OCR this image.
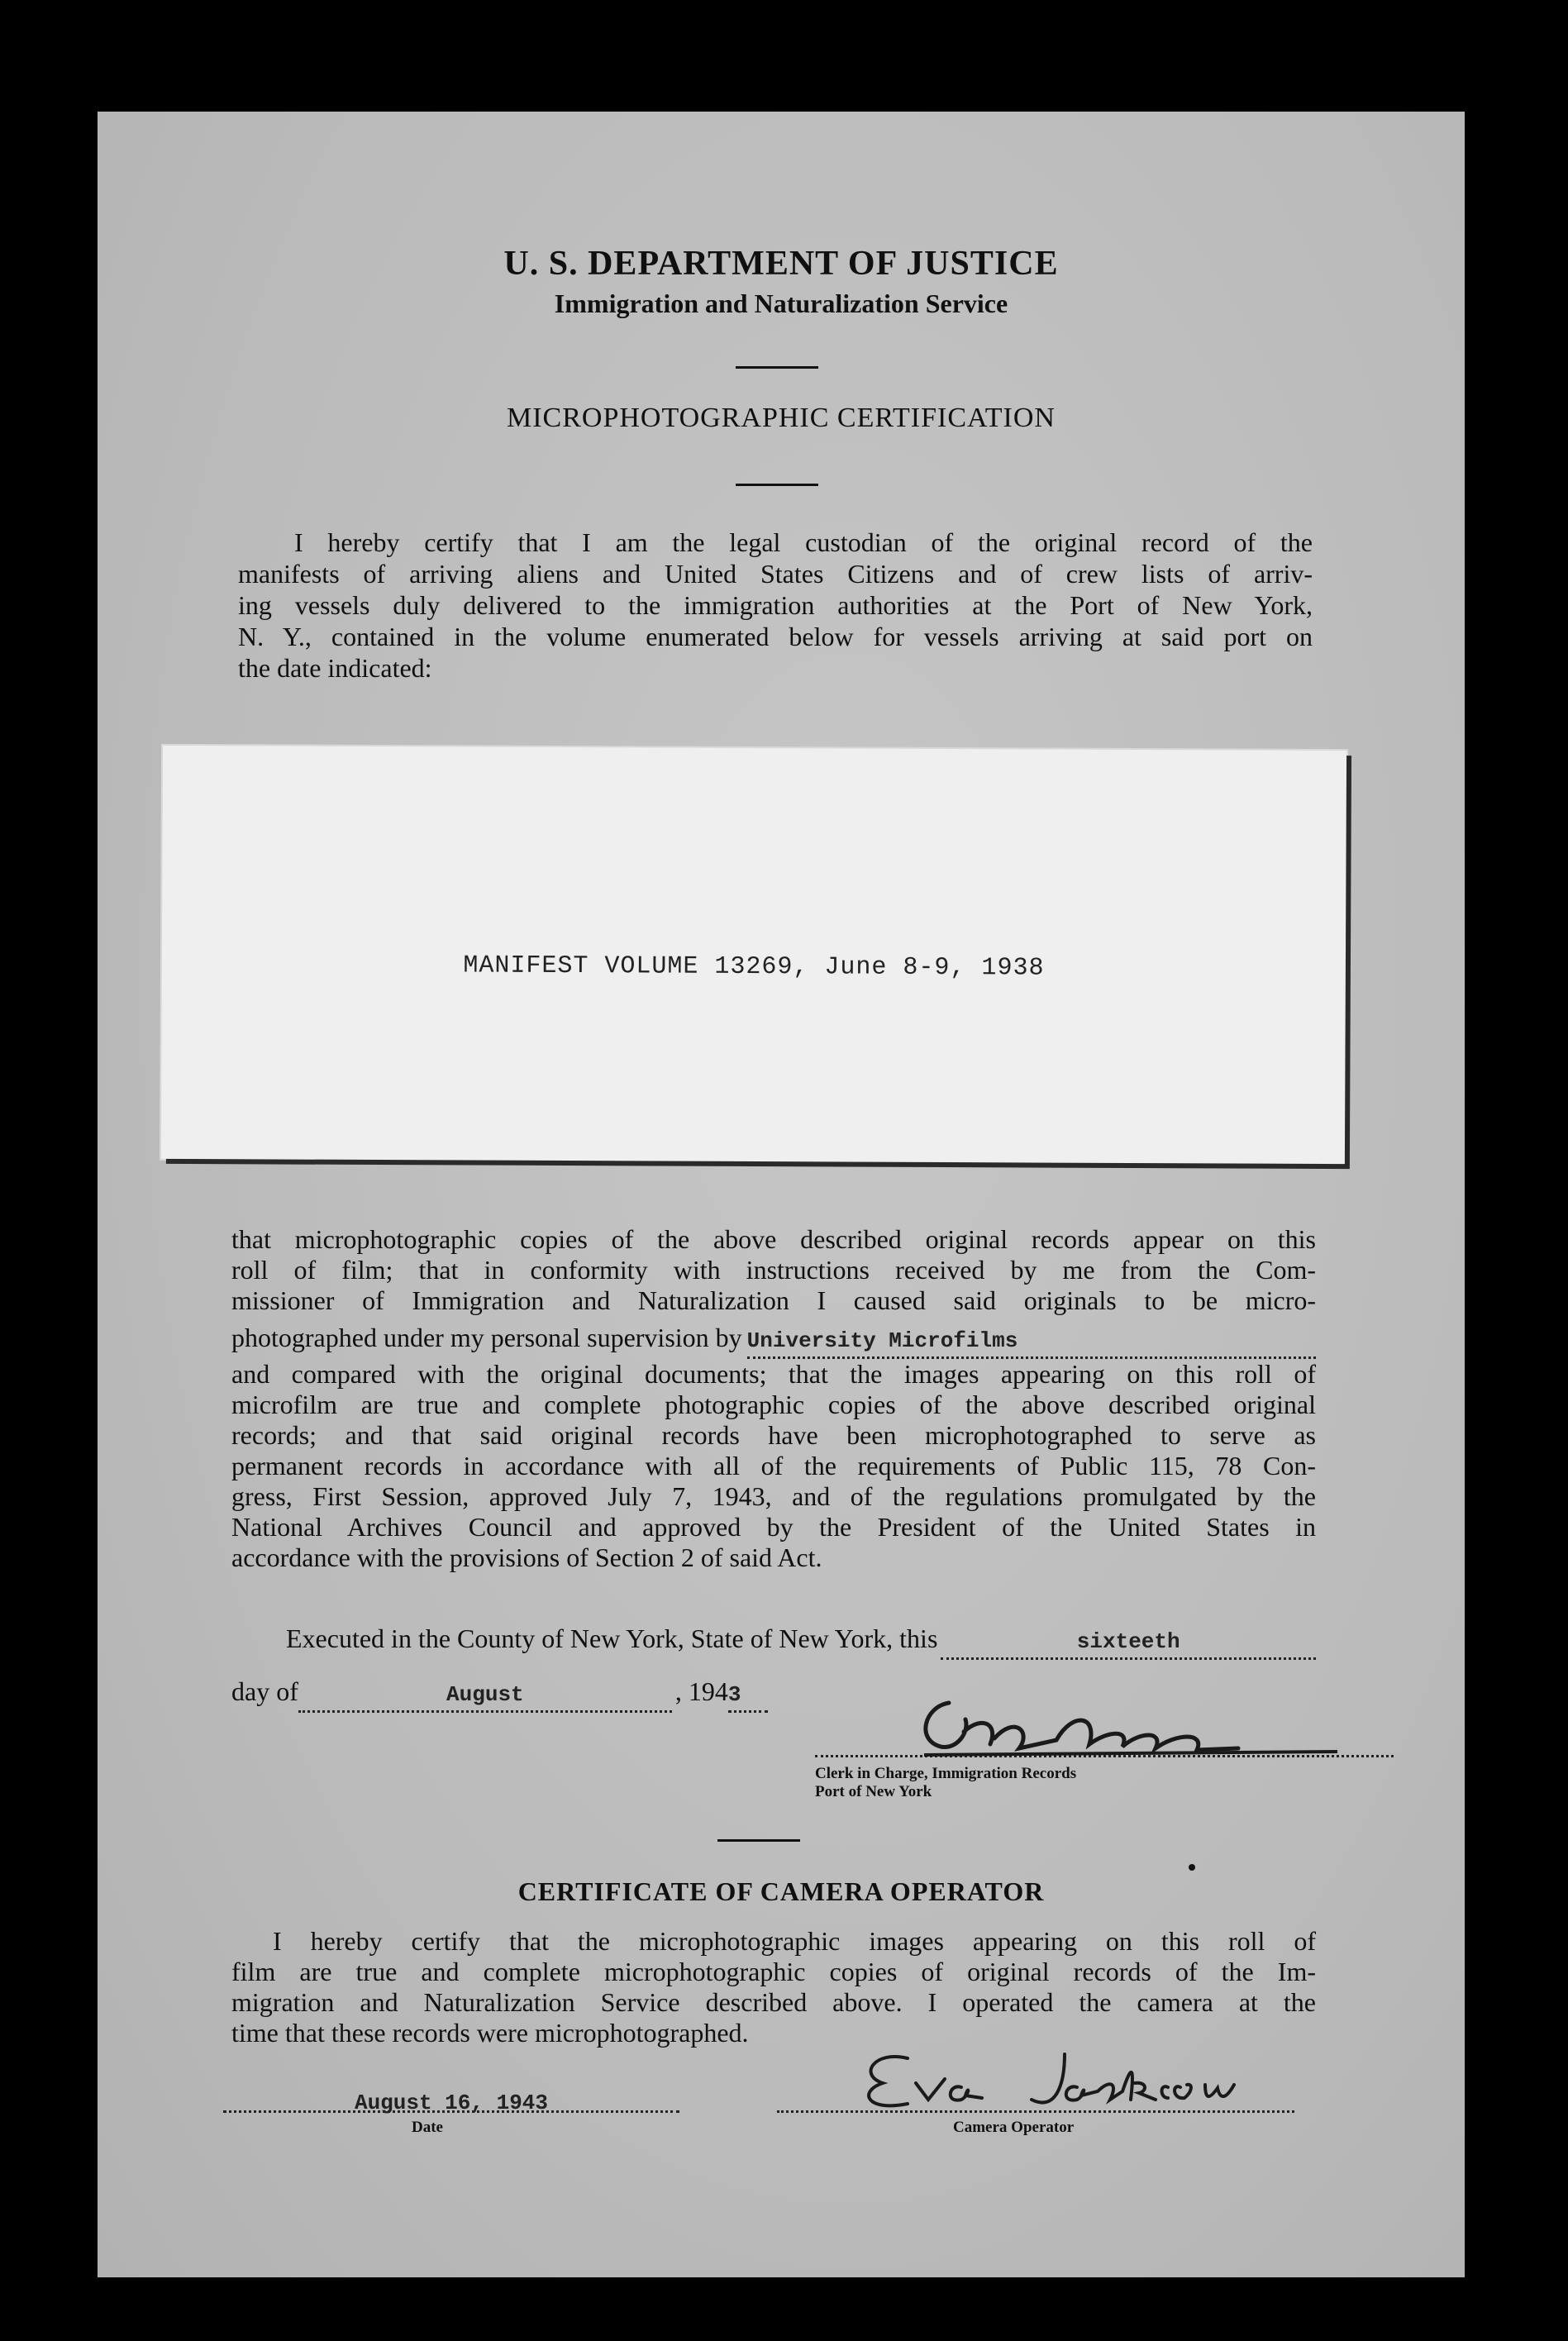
U. S. DEPARTMENT OF JUSTICE
Immigration and Naturalization Service
MICROPHOTOGRAPHIC CERTIFICATION
I hereby certify that I am the legal custodian of the original record of the
manifests of arriving aliens and United States Citizens and of crew lists of arriv-
ing vessels duly delivered to the immigration authorities at the Port of New York,
N. Y., contained in the volume enumerated below for vessels arriving at said port on
the date indicated:
MANIFEST VOLUME 13269, June 8-9, 1938
that microphotographic copies of the above described original records appear on this
roll of film; that in conformity with instructions received by me from the Com-
missioner of Immigration and Naturalization I caused said originals to be micro-
photographed under my personal supervision by University Microfilms
and compared with the original documents; that the images appearing on this roll of
microfilm are true and complete photographic copies of the above described original
records; and that said original records have been microphotographed to serve as
permanent records in accordance with all of the requirements of Public 115, 78 Con-
gress, First Session, approved July 7, 1943, and of the regulations promulgated by the
National Archives Council and approved by the President of the United States in
accordance with the provisions of Section 2 of said Act.
Executed in the County of New York, State of New York, this	sixteeth
day of	August	, 194 3
Clerk in Charge, Immigration Records
Port of New York
CERTIFICATE OF CAMERA OPERATOR
I hereby certify that the microphotographic images appearing on this roll of
film are true and complete microphotographic copies of original records of the Im-
migration and Naturalization Service described above. I operated the camera at the
time that these records were microphotographed.
August 16, 1943
Date	Camera Operator
